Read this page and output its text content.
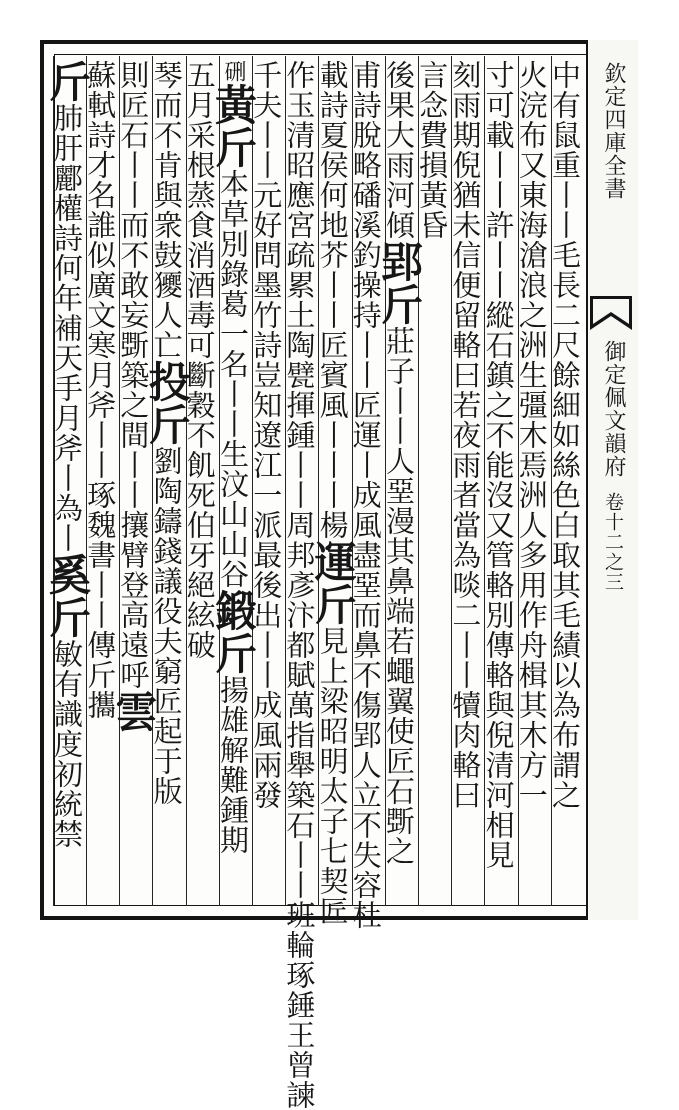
欽定四庫全書
御定佩文韻府
卷十二之三
中有鼠重丨丨毛長二尺餘細如絲色白取其毛績以為布謂之
火浣布又東海滄浪之洲生彊木焉洲人多用作舟楫其木方一
寸可載丨丨許丨丨縱石鎮之不能沒又管輅別傳輅與倪清河相見
刻雨期倪猶未信便留輅曰若夜雨者當為啖二丨丨犢肉輅曰
言念費損黃昏
後果大雨河傾郢斤莊子丨丨人堊漫其鼻端若蠅翼使匠石斲之
甫詩脫略磻溪釣操持丨丨匠運丨成風盡堊而鼻不傷郢人立不失容杜
載詩夏侯何地芥丨丨匠賓風丨丨丨楊運斤見上梁昭明太子七契匠
作玉清昭應宮疏累土陶甓揮鍾丨丨周邦彥汴都賦萬指舉築石丨丨班輪琢錘王曾諫
千夫丨丨元好問墨竹詩豈知遼江一派最後出丨丨成風兩發
硎黃斤本草別錄葛一名丨丨生汶山山谷鍛斤揚雄解難鍾期
五月采根蒸食消酒毒可斷穀不飢死伯牙絕絃破
琴而不肯與衆鼓獿人亡投斤劉陶鑄錢議役夫窮匠起于版
則匠石丨丨而不敢妄斲築之間丨丨攘臂登高遠呼雲
蘇軾詩才名誰似廣文寒月斧丨丨琢魏書丨丨傳斤攜
斤肺肝酈權詩何年補天手月斧丨為丨奚斤敏有識度初統禁
